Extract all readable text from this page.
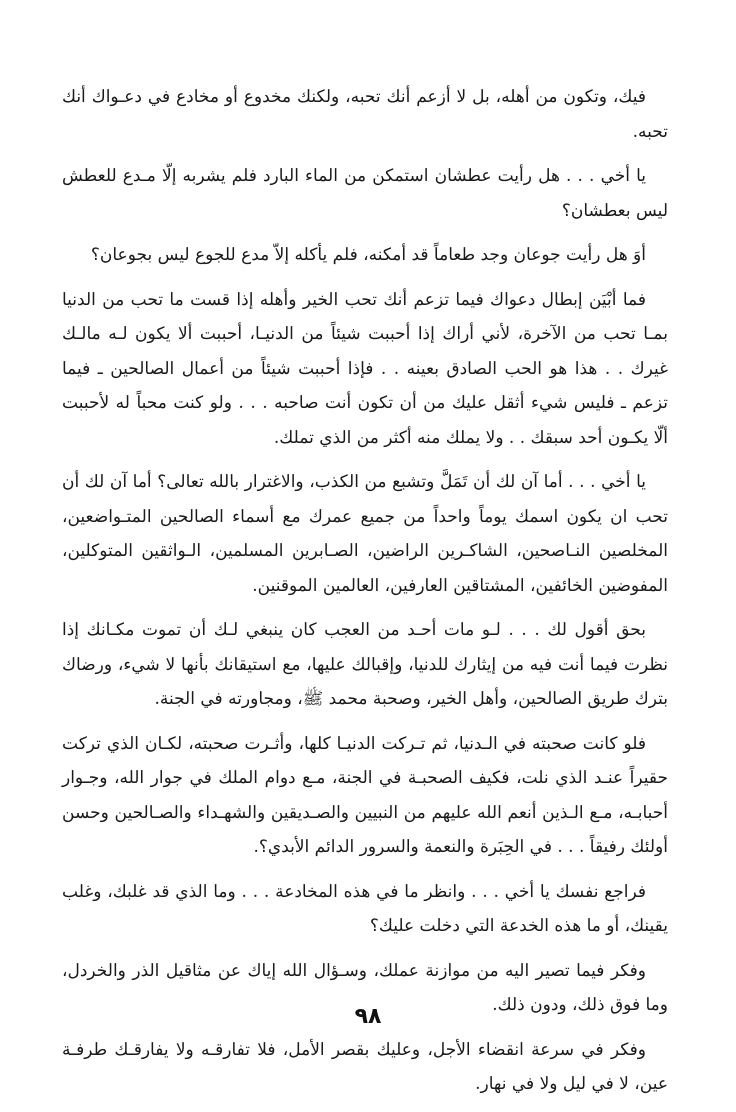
فيك، وتكون من أهله، بل لا أزعم أنك تحبه، ولكنك مخدوع أو مخادع في دعـواك أنك تحبه.

يا أخي . . . هل رأيت عطشان استمكن من الماء البارد فلم يشربه إلّا مـدع للعطش ليس بعطشان؟

أوَ هل رأيت جوعان وجد طعاماً قد أمكنه، فلم يأكله إلاّ مدع للجوع ليس بجوعان؟

فما أبْيَن إبطال دعواك فيما تزعم أنك تحب الخير وأهله إذا قست ما تحب من الدنيا بمـا تحب من الآخرة، لأني أراك إذا أحببت شيئاً من الدنيـا، أحببت ألا يكون لـه مالـك غيرك . . هذا هو الحب الصادق بعينه . . فإذا أحببت شيئاً من أعمال الصالحين ـ فيما تزعم ـ فليس شيء أثقل عليك من أن تكون أنت صاحبه . . . ولو كنت محباً له لأحببت ألّا يكـون أحد سبقك . . ولا يملك منه أكثر من الذي تملك.

يا أخي . . . أما آن لك أن تَمَلَّ وتشبع من الكذب، والاغترار بالله تعالى؟ أما آن لك أن تحب ان يكون اسمك يوماً واحداً من جميع عمرك مع أسماء الصالحين المتـواضعين، المخلصين النـاصحين، الشاكـرين الراضين، الصـابرين المسلمين، الـواثقين المتوكلين، المفوضين الخائفين، المشتاقين العارفين، العالمين الموقنين.

بحق أقول لك . . . لـو مات أحـد من العجب كان ينبغي لـك أن تموت مكـانك إذا نظرت فيما أنت فيه من إيثارك للدنيا، وإقبالك عليها، مع استيقانك بأنها لا شيء، ورضاك بترك طريق الصالحين، وأهل الخير، وصحبة محمد ﷺ، ومجاورته في الجنة.

فلو كانت صحبته في الـدنيا، ثم تـركت الدنيـا كلها، وأثـرت صحبته، لكـان الذي تركت حقيراً عنـد الذي نلت، فكيف الصحبـة في الجنة، مـع دوام الملك في جوار الله، وجـوار أحبابـه، مـع الـذين أنعم الله عليهم من النبيين والصـديقين والشهـداء والصـالحين وحسن أولئك رفيقاً . . . في الحِبَرة والنعمة والسرور الدائم الأبدي؟.

فراجع نفسك يا أخي . . . وانظر ما في هذه المخادعة . . . وما الذي قد غلبك، وغلب يقينك، أو ما هذه الخدعة التي دخلت عليك؟

وفكر فيما تصير اليه من موازنة عملك، وسـؤال الله إياك عن مثاقيل الذر والخردل، وما فوق ذلك، ودون ذلك.

وفكر في سرعة انقضاء الأجل، وعليك بقصر الأمل، فلا تفارقـه ولا يفارقـك طرفـة عين، لا في ليل ولا في نهار.

٩٨
